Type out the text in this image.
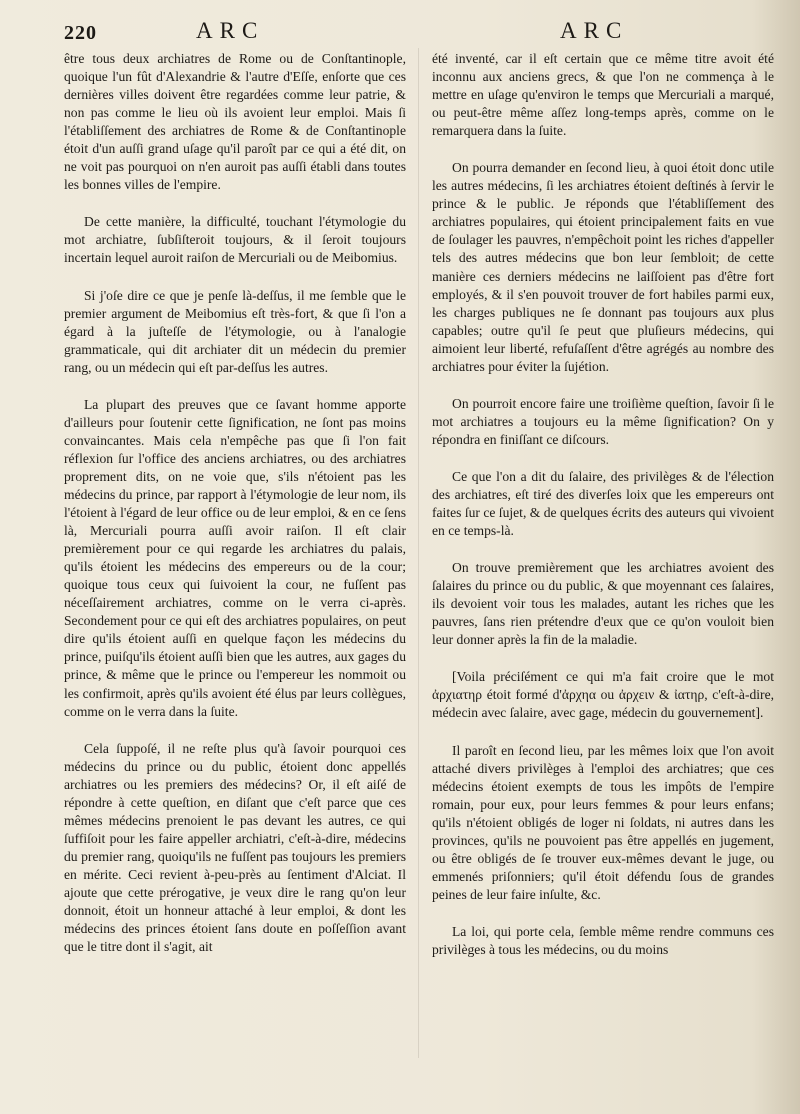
220	ARC	ARC

être tous deux archiatres de Rome ou de Conſtantinople, quoique l'un fût d'Alexandrie & l'autre d'Eſſe, enſorte que ces dernières villes doivent être regardées comme leur patrie, & non pas comme le lieu où ils avoient leur emploi. Mais ſi l'établiſſement des archiatres de Rome & de Conſtantinople étoit d'un auſſi grand uſage qu'il paroît par ce qui a été dit, on ne voit pas pourquoi on n'en auroit pas auſſi établi dans toutes les bonnes villes de l'empire.

De cette manière, la difficulté, touchant l'étymologie du mot archiatre, ſubſiſteroit toujours, & il ſeroit toujours incertain lequel auroit raiſon de Mercuriali ou de Meibomius.

Si j'oſe dire ce que je penſe là-deſſus, il me ſemble que le premier argument de Meibomius eſt très-fort, & que ſi l'on a égard à la juſteſſe de l'étymologie, ou à l'analogie grammaticale, qui dit archiater dit un médecin du premier rang, ou un médecin qui eſt par-deſſus les autres.

La plupart des preuves que ce ſavant homme apporte d'ailleurs pour ſoutenir cette ſignification, ne ſont pas moins convaincantes. Mais cela n'empêche pas que ſi l'on fait réflexion ſur l'office des anciens archiatres, ou des archiatres proprement dits, on ne voie que, s'ils n'étoient pas les médecins du prince, par rapport à l'étymologie de leur nom, ils l'étoient à l'égard de leur office ou de leur emploi, & en ce ſens là, Mercuriali pourra auſſi avoir raiſon. Il eſt clair premièrement pour ce qui regarde les archiatres du palais, qu'ils étoient les médecins des empereurs ou de la cour; quoique tous ceux qui ſuivoient la cour, ne fuſſent pas néceſſairement archiatres, comme on le verra ci-après. Secondement pour ce qui eſt des archiatres populaires, on peut dire qu'ils étoient auſſi en quelque façon les médecins du prince, puiſqu'ils étoient auſſi bien que les autres, aux gages du prince, & même que le prince ou l'empereur les nommoit ou les confirmoit, après qu'ils avoient été élus par leurs collègues, comme on le verra dans la ſuite.

Cela ſuppoſé, il ne reſte plus qu'à ſavoir pourquoi ces médecins du prince ou du public, étoient donc appellés archiatres ou les premiers des médecins? Or, il eſt aiſé de répondre à cette queſtion, en diſant que c'eſt parce que ces mêmes médecins prenoient le pas devant les autres, ce qui ſuffiſoit pour les faire appeller archiatri, c'eſt-à-dire, médecins du premier rang, quoiqu'ils ne fuſſent pas toujours les premiers en mérite. Ceci revient à-peu-près au ſentiment d'Alciat. Il ajoute que cette prérogative, je veux dire le rang qu'on leur donnoit, étoit un honneur attaché à leur emploi, & dont les médecins des princes étoient ſans doute en poſſeſſion avant que le titre dont il s'agit, ait

été inventé, car il eſt certain que ce même titre avoit été inconnu aux anciens grecs, & que l'on ne commença à le mettre en uſage qu'environ le temps que Mercuriali a marqué, ou peut-être même aſſez long-temps après, comme on le remarquera dans la ſuite.

On pourra demander en ſecond lieu, à quoi étoit donc utile les autres médecins, ſi les archiatres étoient deſtinés à ſervir le prince & le public. Je réponds que l'établiſſement des archiatres populaires, qui étoient principalement faits en vue de ſoulager les pauvres, n'empêchoit point les riches d'appeller tels des autres médecins que bon leur ſembloit; de cette manière ces derniers médecins ne laiſſoient pas d'être fort employés, & il s'en pouvoit trouver de fort habiles parmi eux, les charges publiques ne ſe donnant pas toujours aux plus capables; outre qu'il ſe peut que pluſieurs médecins, qui aimoient leur liberté, refuſaſſent d'être agrégés au nombre des archiatres pour éviter la ſujétion.

On pourroit encore faire une troiſième queſtion, ſavoir ſi le mot archiatres a toujours eu la même ſignification? On y répondra en finiſſant ce diſcours.

Ce que l'on a dit du ſalaire, des privilèges & de l'élection des archiatres, eſt tiré des diverſes loix que les empereurs ont faites ſur ce ſujet, & de quelques écrits des auteurs qui vivoient en ce temps-là.

On trouve premièrement que les archiatres avoient des ſalaires du prince ou du public, & que moyennant ces ſalaires, ils devoient voir tous les malades, autant les riches que les pauvres, ſans rien prétendre d'eux que ce qu'on vouloit bien leur donner après la fin de la maladie.

[Voila préciſément ce qui m'a fait croire que le mot ἀρχιατηρ étoit formé d'ἀρχηα ou ἀρχειν & ἰατηρ, c'eſt-à-dire, médecin avec ſalaire, avec gage, médecin du gouvernement].

Il paroît en ſecond lieu, par les mêmes loix que l'on avoit attaché divers privilèges à l'emploi des archiatres; que ces médecins étoient exempts de tous les impôts de l'empire romain, pour eux, pour leurs femmes & pour leurs enfans; qu'ils n'étoient obligés de loger ni ſoldats, ni autres dans les provinces, qu'ils ne pouvoient pas être appellés en jugement, ou être obligés de ſe trouver eux-mêmes devant le juge, ou emmenés priſonniers; qu'il étoit défendu ſous de grandes peines de leur faire inſulte, &c.

La loi, qui porte cela, ſemble même rendre communs ces privilèges à tous les médecins, ou du moins
